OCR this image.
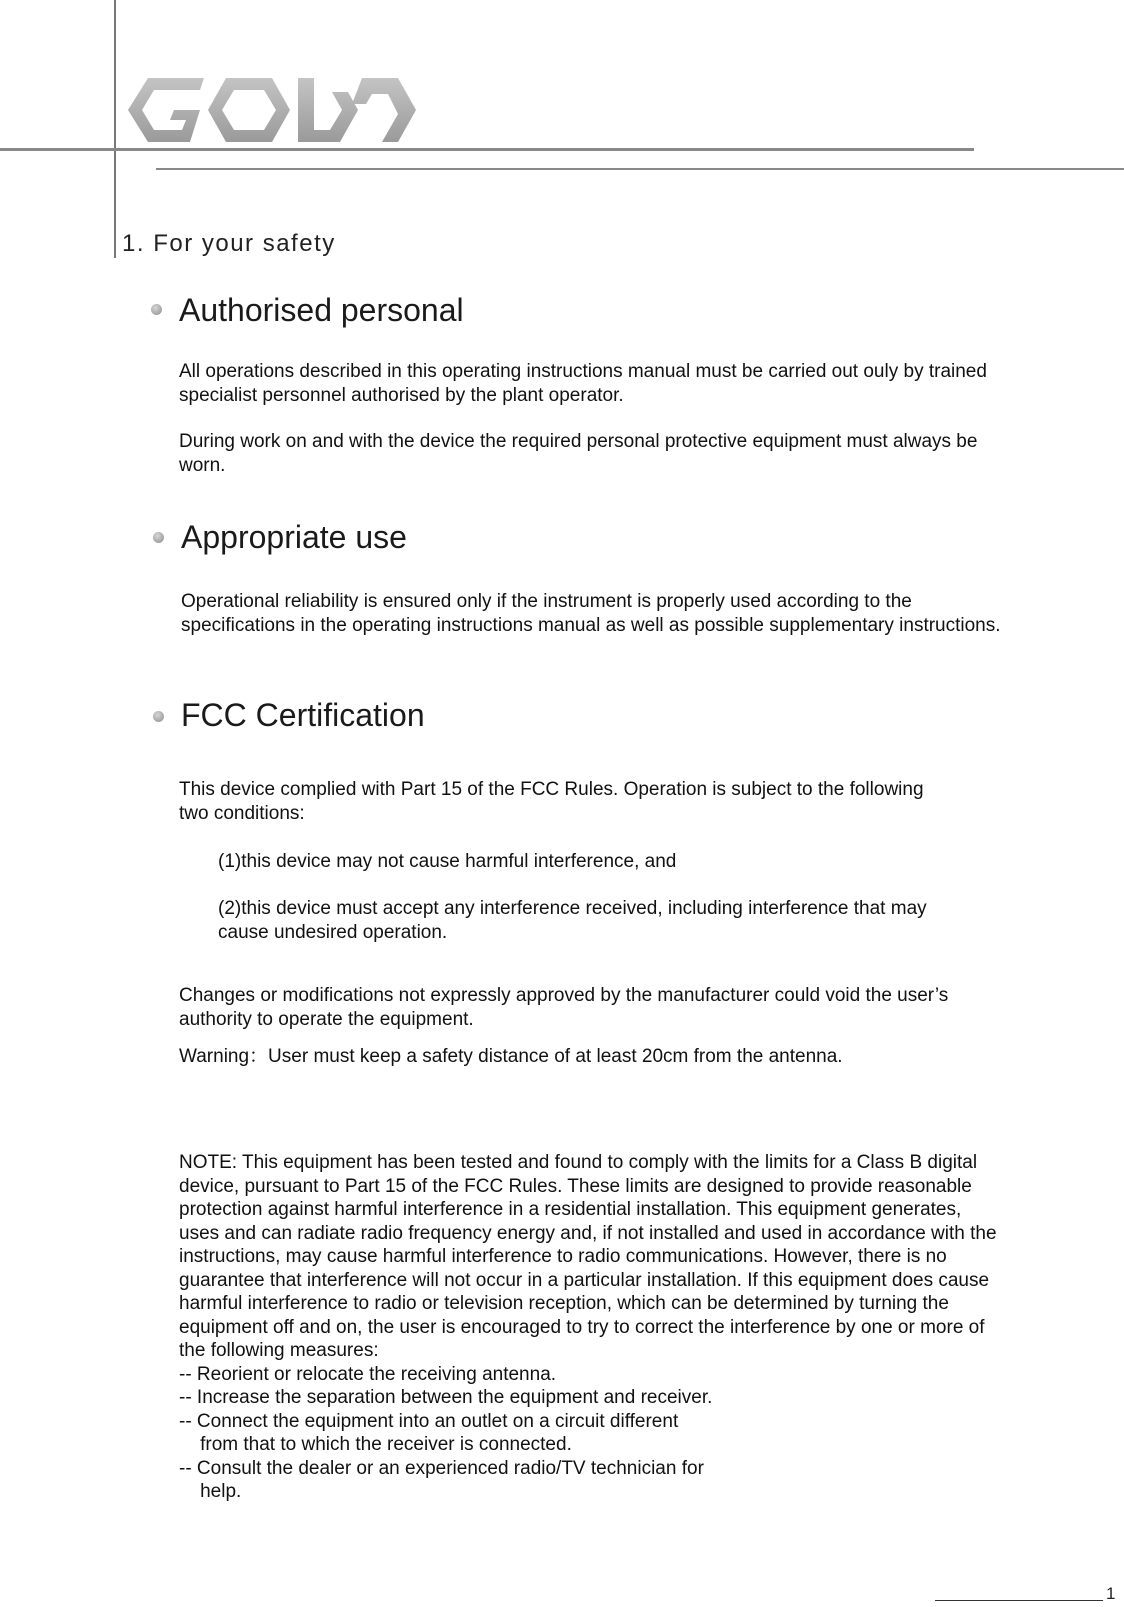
1. For your safety
Authorised personal
All operations described in this operating instructions manual must be carried out ouly by trained
specialist personnel authorised by the plant operator.
During work on and with the device the required personal protective equipment must always be
worn.
Appropriate use
Operational reliability is ensured only if the instrument is properly used according to the
specifications in the operating instructions manual as well as possible supplementary instructions.
FCC Certification
This device complied with Part 15 of the FCC Rules. Operation is subject to the following
two conditions:
(1)this device may not cause harmful interference, and
(2)this device must accept any interference received, including interference that may
cause undesired operation.
Changes or modifications not expressly approved by the manufacturer could void the user’s
authority to operate the equipment.
Warning：User must keep a safety distance of at least 20cm from the antenna.
NOTE: This equipment has been tested and found to comply with the limits for a Class B digital
device, pursuant to Part 15 of the FCC Rules. These limits are designed to provide reasonable
protection against harmful interference in a residential installation. This equipment generates,
uses and can radiate radio frequency energy and, if not installed and used in accordance with the
instructions, may cause harmful interference to radio communications. However, there is no
guarantee that interference will not occur in a particular installation. If this equipment does cause
harmful interference to radio or television reception, which can be determined by turning the
equipment off and on, the user is encouraged to try to correct the interference by one or more of
the following measures:
-- Reorient or relocate the receiving antenna.
-- Increase the separation between the equipment and receiver.
-- Connect the equipment into an outlet on a circuit different
from that to which the receiver is connected.
-- Consult the dealer or an experienced radio/TV technician for
help.
1
